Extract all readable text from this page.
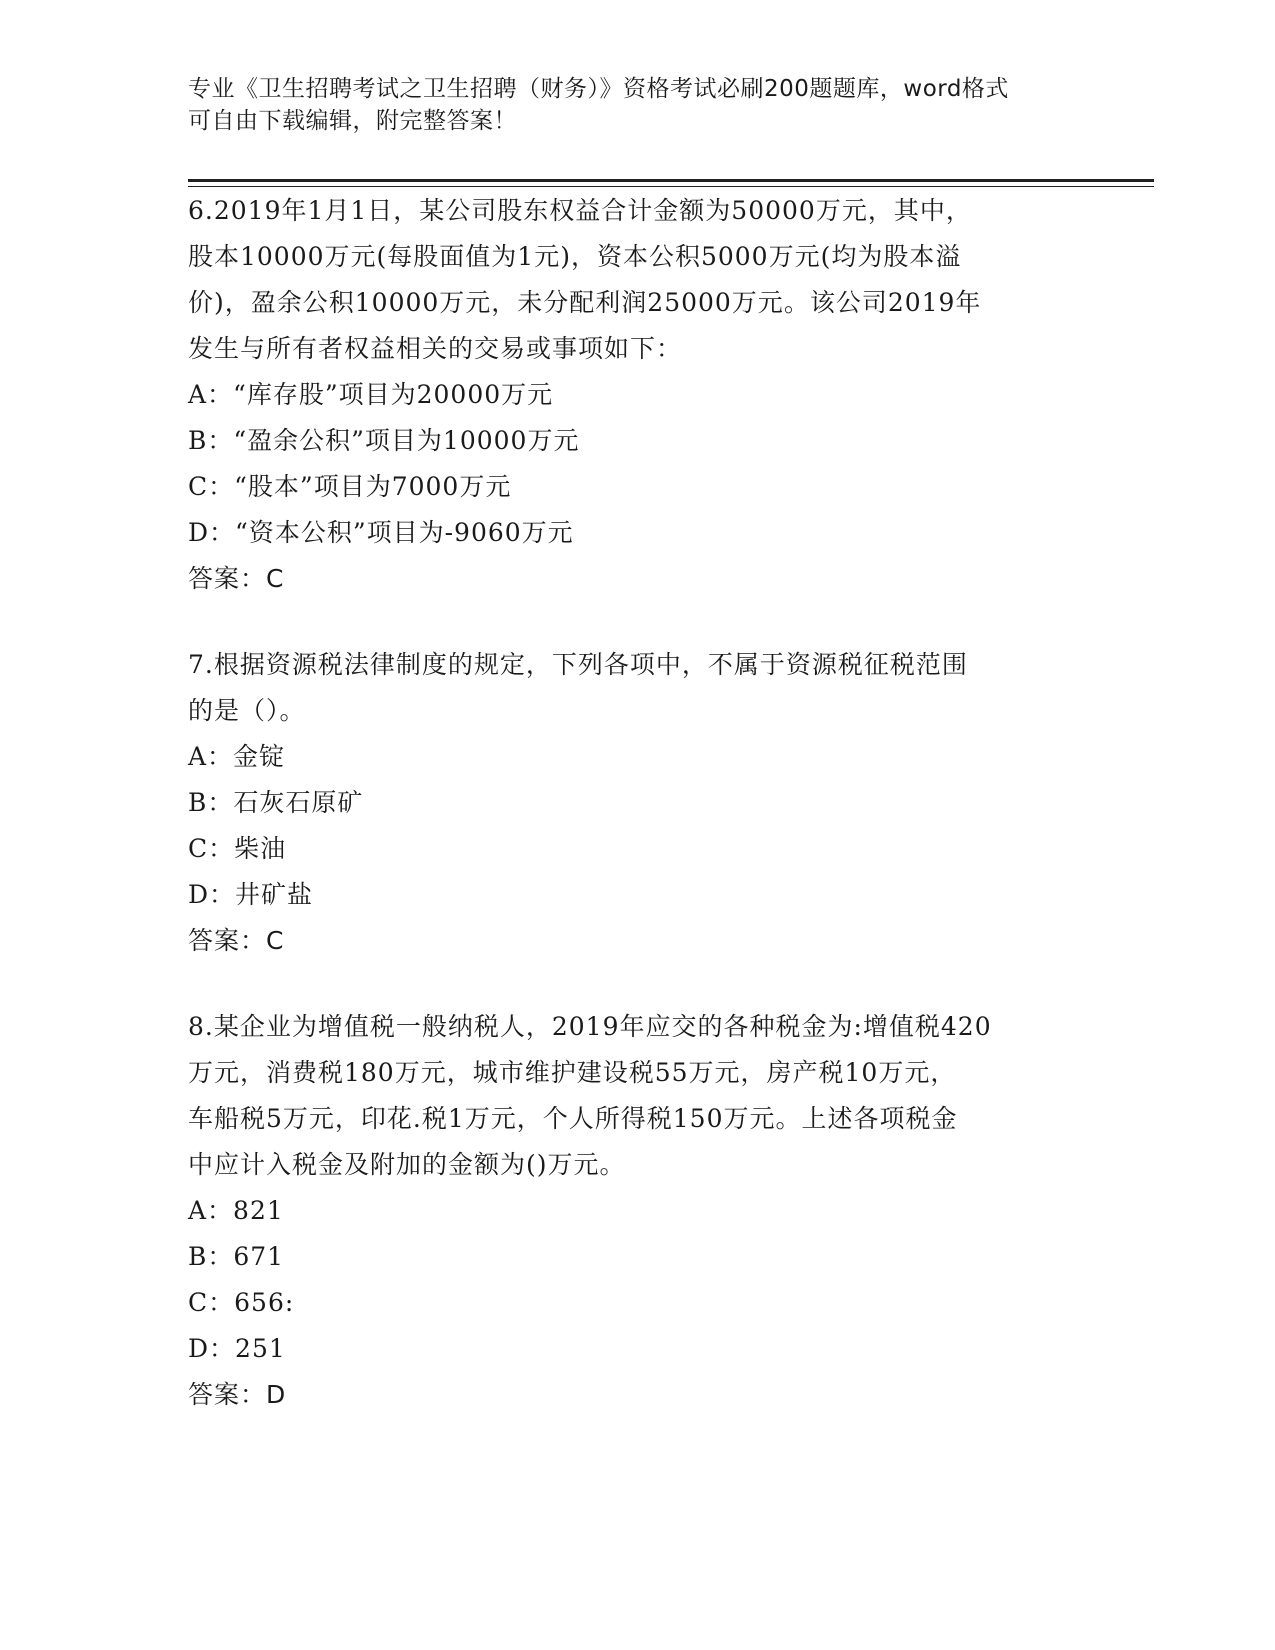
专业《卫生招聘考试之卫生招聘（财务）》资格考试必刷200题题库，word格式
可自由下载编辑，附完整答案！
6.2019年1月1日，某公司股东权益合计金额为50000万元，其中，
股本10000万元(每股面值为1元)，资本公积5000万元(均为股本溢
价)，盈余公积10000万元，未分配利润25000万元。该公司2019年
发生与所有者权益相关的交易或事项如下：
A：“库存股”项目为20000万元
B：“盈余公积”项目为10000万元
C：“股本”项目为7000万元
D：“资本公积”项目为-9060万元
答案：C
7.根据资源税法律制度的规定，下列各项中，不属于资源税征税范围
的是（）。
A：金锭
B：石灰石原矿
C：柴油
D：井矿盐
答案：C
8.某企业为增值税一般纳税人，2019年应交的各种税金为:增值税420
万元，消费税180万元，城市维护建设税55万元，房产税10万元，
车船税5万元，印花.税1万元，个人所得税150万元。上述各项税金
中应计入税金及附加的金额为()万元。
A：821
B：671
C：656:
D：251
答案：D
